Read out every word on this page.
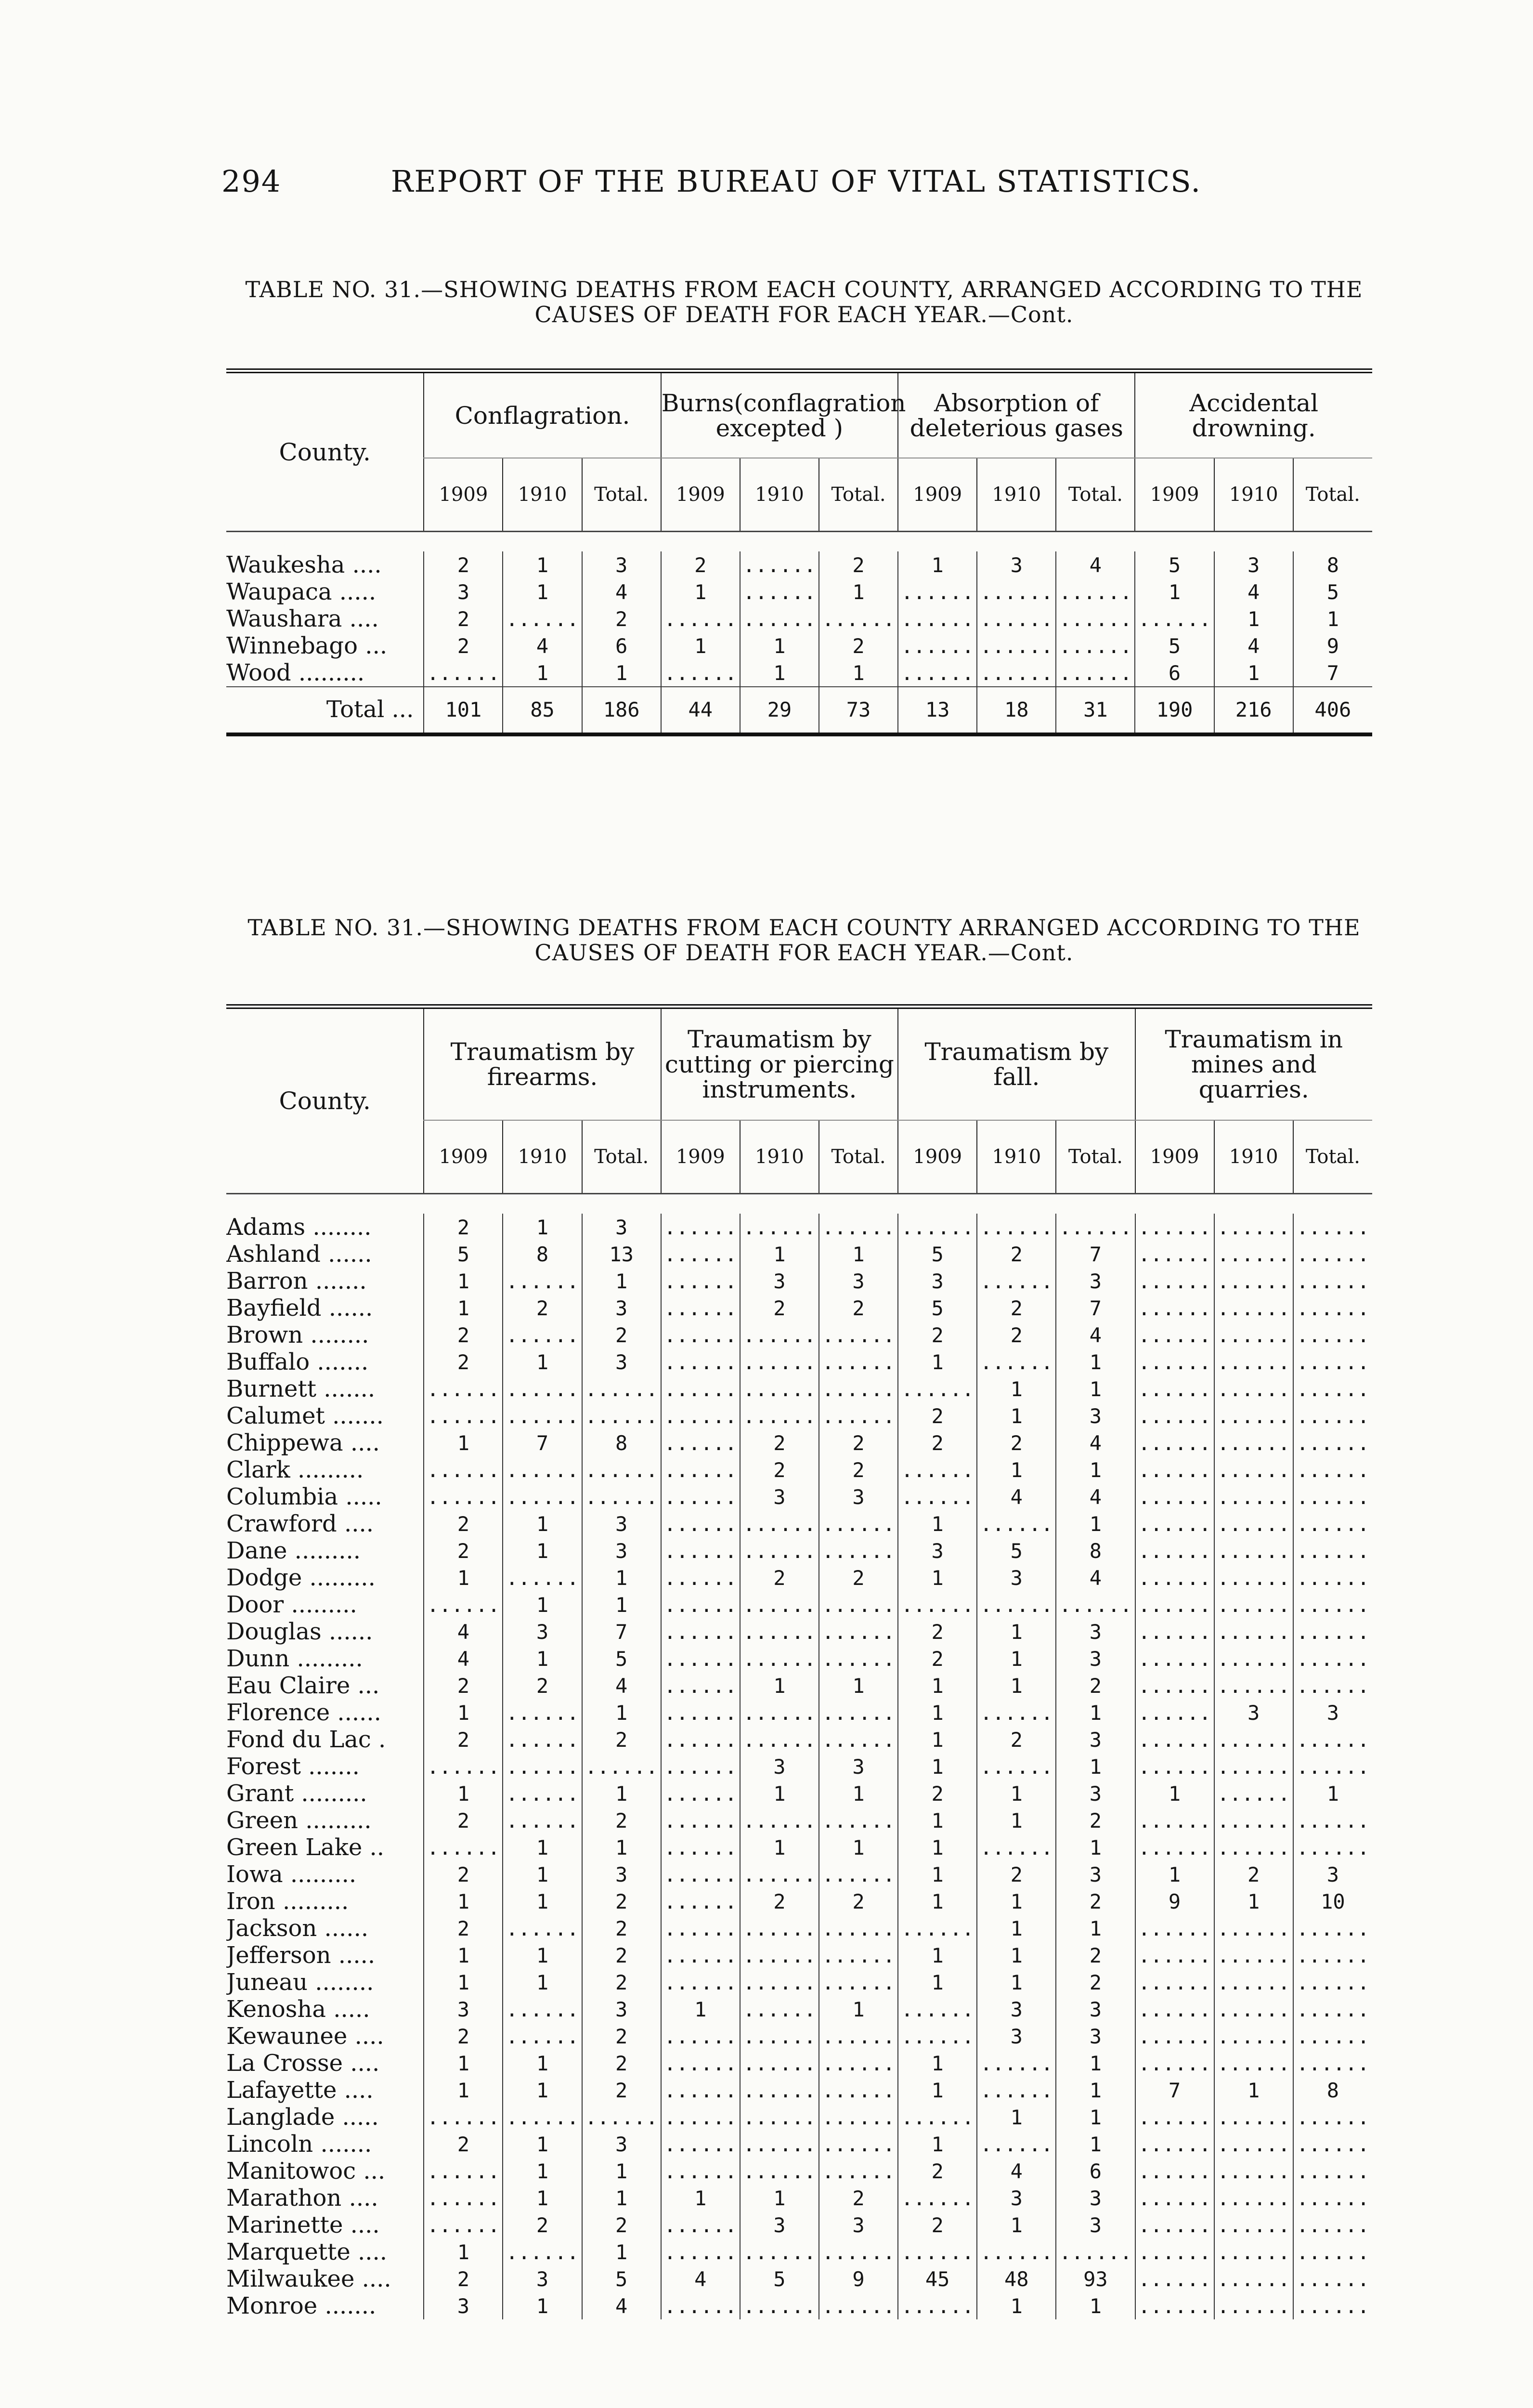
294	REPORT OF THE BUREAU OF VITAL STATISTICS.
TABLE NO. 31.—SHOWING DEATHS FROM EACH COUNTY, ARRANGED ACCORDING TO THE CAUSES OF DEATH FOR EACH YEAR.—Cont.
County.	Conflagration.			Burns(conflagration excepted )			Absorption of deleterious gases			Accidental drowning.		
	1909	1910	Total.	1909	1910	Total.	1909	1910	Total.	1909	1910	Total.

Waukesha ....	2	1	3	2	......	2	1	3	4	5	3	8
Waupaca .....	3	1	4	1	......	1	......	......	......	1	4	5
Waushara ....	2	......	2	......	......	......	......	......	......	......	1	1
Winnebago ...	2	4	6	1	1	2	......	......	......	5	4	9
Wood .........	......	1	1	......	1	1	......	......	......	6	1	7
Total ...	101	85	186	44	29	73	13	18	31	190	216	406
TABLE NO. 31.—SHOWING DEATHS FROM EACH COUNTY ARRANGED ACCORDING TO THE CAUSES OF DEATH FOR EACH YEAR.—Cont.
County.	Traumatism by firearms.			Traumatism by cutting or piercing instruments.			Traumatism by fall.			Traumatism in mines and quarries.		
	1909	1910	Total.	1909	1910	Total.	1909	1910	Total.	1909	1910	Total.

Adams ........	2	1	3	......	......	......	......	......	......	......	......	......
Ashland ......	5	8	13	......	1	1	5	2	7	......	......	......
Barron .......	1	......	1	......	3	3	3	......	3	......	......	......
Bayfield ......	1	2	3	......	2	2	5	2	7	......	......	......
Brown ........	2	......	2	......	......	......	2	2	4	......	......	......
Buffalo .......	2	1	3	......	......	......	1	......	1	......	......	......
Burnett .......	......	......	......	......	......	......	......	1	1	......	......	......
Calumet .......	......	......	......	......	......	......	2	1	3	......	......	......
Chippewa ....	1	7	8	......	2	2	2	2	4	......	......	......
Clark .........	......	......	......	......	2	2	......	1	1	......	......	......
Columbia .....	......	......	......	......	3	3	......	4	4	......	......	......
Crawford ....	2	1	3	......	......	......	1	......	1	......	......	......
Dane .........	2	1	3	......	......	......	3	5	8	......	......	......
Dodge .........	1	......	1	......	2	2	1	3	4	......	......	......
Door .........	......	1	1	......	......	......	......	......	......	......	......	......
Douglas ......	4	3	7	......	......	......	2	1	3	......	......	......
Dunn .........	4	1	5	......	......	......	2	1	3	......	......	......
Eau Claire ...	2	2	4	......	1	1	1	1	2	......	......	......
Florence ......	1	......	1	......	......	......	1	......	1	......	3	3
Fond du Lac .	2	......	2	......	......	......	1	2	3	......	......	......
Forest .......	......	......	......	......	3	3	1	......	1	......	......	......
Grant .........	1	......	1	......	1	1	2	1	3	1	......	1
Green .........	2	......	2	......	......	......	1	1	2	......	......	......
Green Lake ..	......	1	1	......	1	1	1	......	1	......	......	......
Iowa .........	2	1	3	......	......	......	1	2	3	1	2	3
Iron .........	1	1	2	......	2	2	1	1	2	9	1	10
Jackson ......	2	......	2	......	......	......	......	1	1	......	......	......
Jefferson .....	1	1	2	......	......	......	1	1	2	......	......	......
Juneau ........	1	1	2	......	......	......	1	1	2	......	......	......
Kenosha .....	3	......	3	1	......	1	......	3	3	......	......	......
Kewaunee ....	2	......	2	......	......	......	......	3	3	......	......	......
La Crosse ....	1	1	2	......	......	......	1	......	1	......	......	......
Lafayette ....	1	1	2	......	......	......	1	......	1	7	1	8
Langlade .....	......	......	......	......	......	......	......	1	1	......	......	......
Lincoln .......	2	1	3	......	......	......	1	......	1	......	......	......
Manitowoc ...	......	1	1	......	......	......	2	4	6	......	......	......
Marathon ....	......	1	1	1	1	2	......	3	3	......	......	......
Marinette ....	......	2	2	......	3	3	2	1	3	......	......	......
Marquette ....	1	......	1	......	......	......	......	......	......	......	......	......
Milwaukee ....	2	3	5	4	5	9	45	48	93	......	......	......
Monroe .......	3	1	4	......	......	......	......	1	1	......	......	......
